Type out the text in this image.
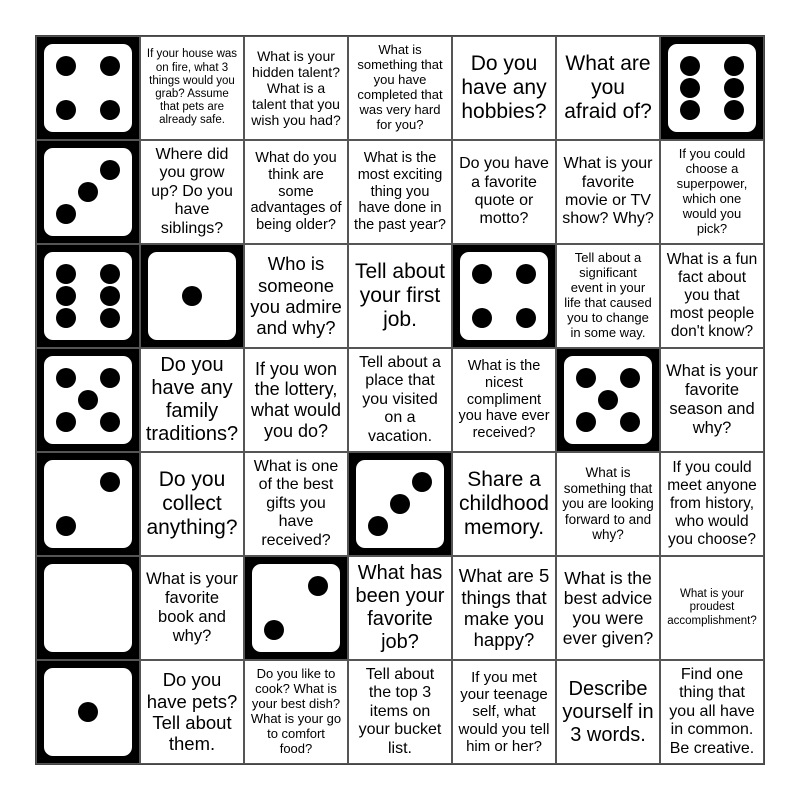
If your house was on fire, what 3 things would you grab? Assume that pets are already safe.
What is your hidden talent? What is a talent that you wish you had?
What is something that you have completed that was very hard for you?
Do you have any hobbies?
What are you afraid of?
Where did you grow up? Do you have siblings?
What do you think are some advantages of being older?
What is the most exciting thing you have done in the past year?
Do you have a favorite quote or motto?
What is your favorite movie or TV show? Why?
If you could choose a superpower, which one would you pick?
Who is someone you admire and why?
Tell about your first job.
Tell about a significant event in your life that caused you to change in some way.
What is a fun fact about you that most people don't know?
Do you have any family traditions?
If you won the lottery, what would you do?
Tell about a place that you visited on a vacation.
What is the nicest compliment you have ever received?
What is your favorite season and why?
Do you collect anything?
What is one of the best gifts you have received?
Share a childhood memory.
What is something that you are looking forward to and why?
If you could meet anyone from history, who would you choose?
What is your favorite book and why?
What has been your favorite job?
What are 5 things that make you happy?
What is the best advice you were ever given?
What is your proudest accomplishment?
Do you have pets? Tell about them.
Do you like to cook? What is your best dish? What is your go to comfort food?
Tell about the top 3 items on your bucket list.
If you met your teenage self, what would you tell him or her?
Describe yourself in 3 words.
Find one thing that you all have in common. Be creative.
